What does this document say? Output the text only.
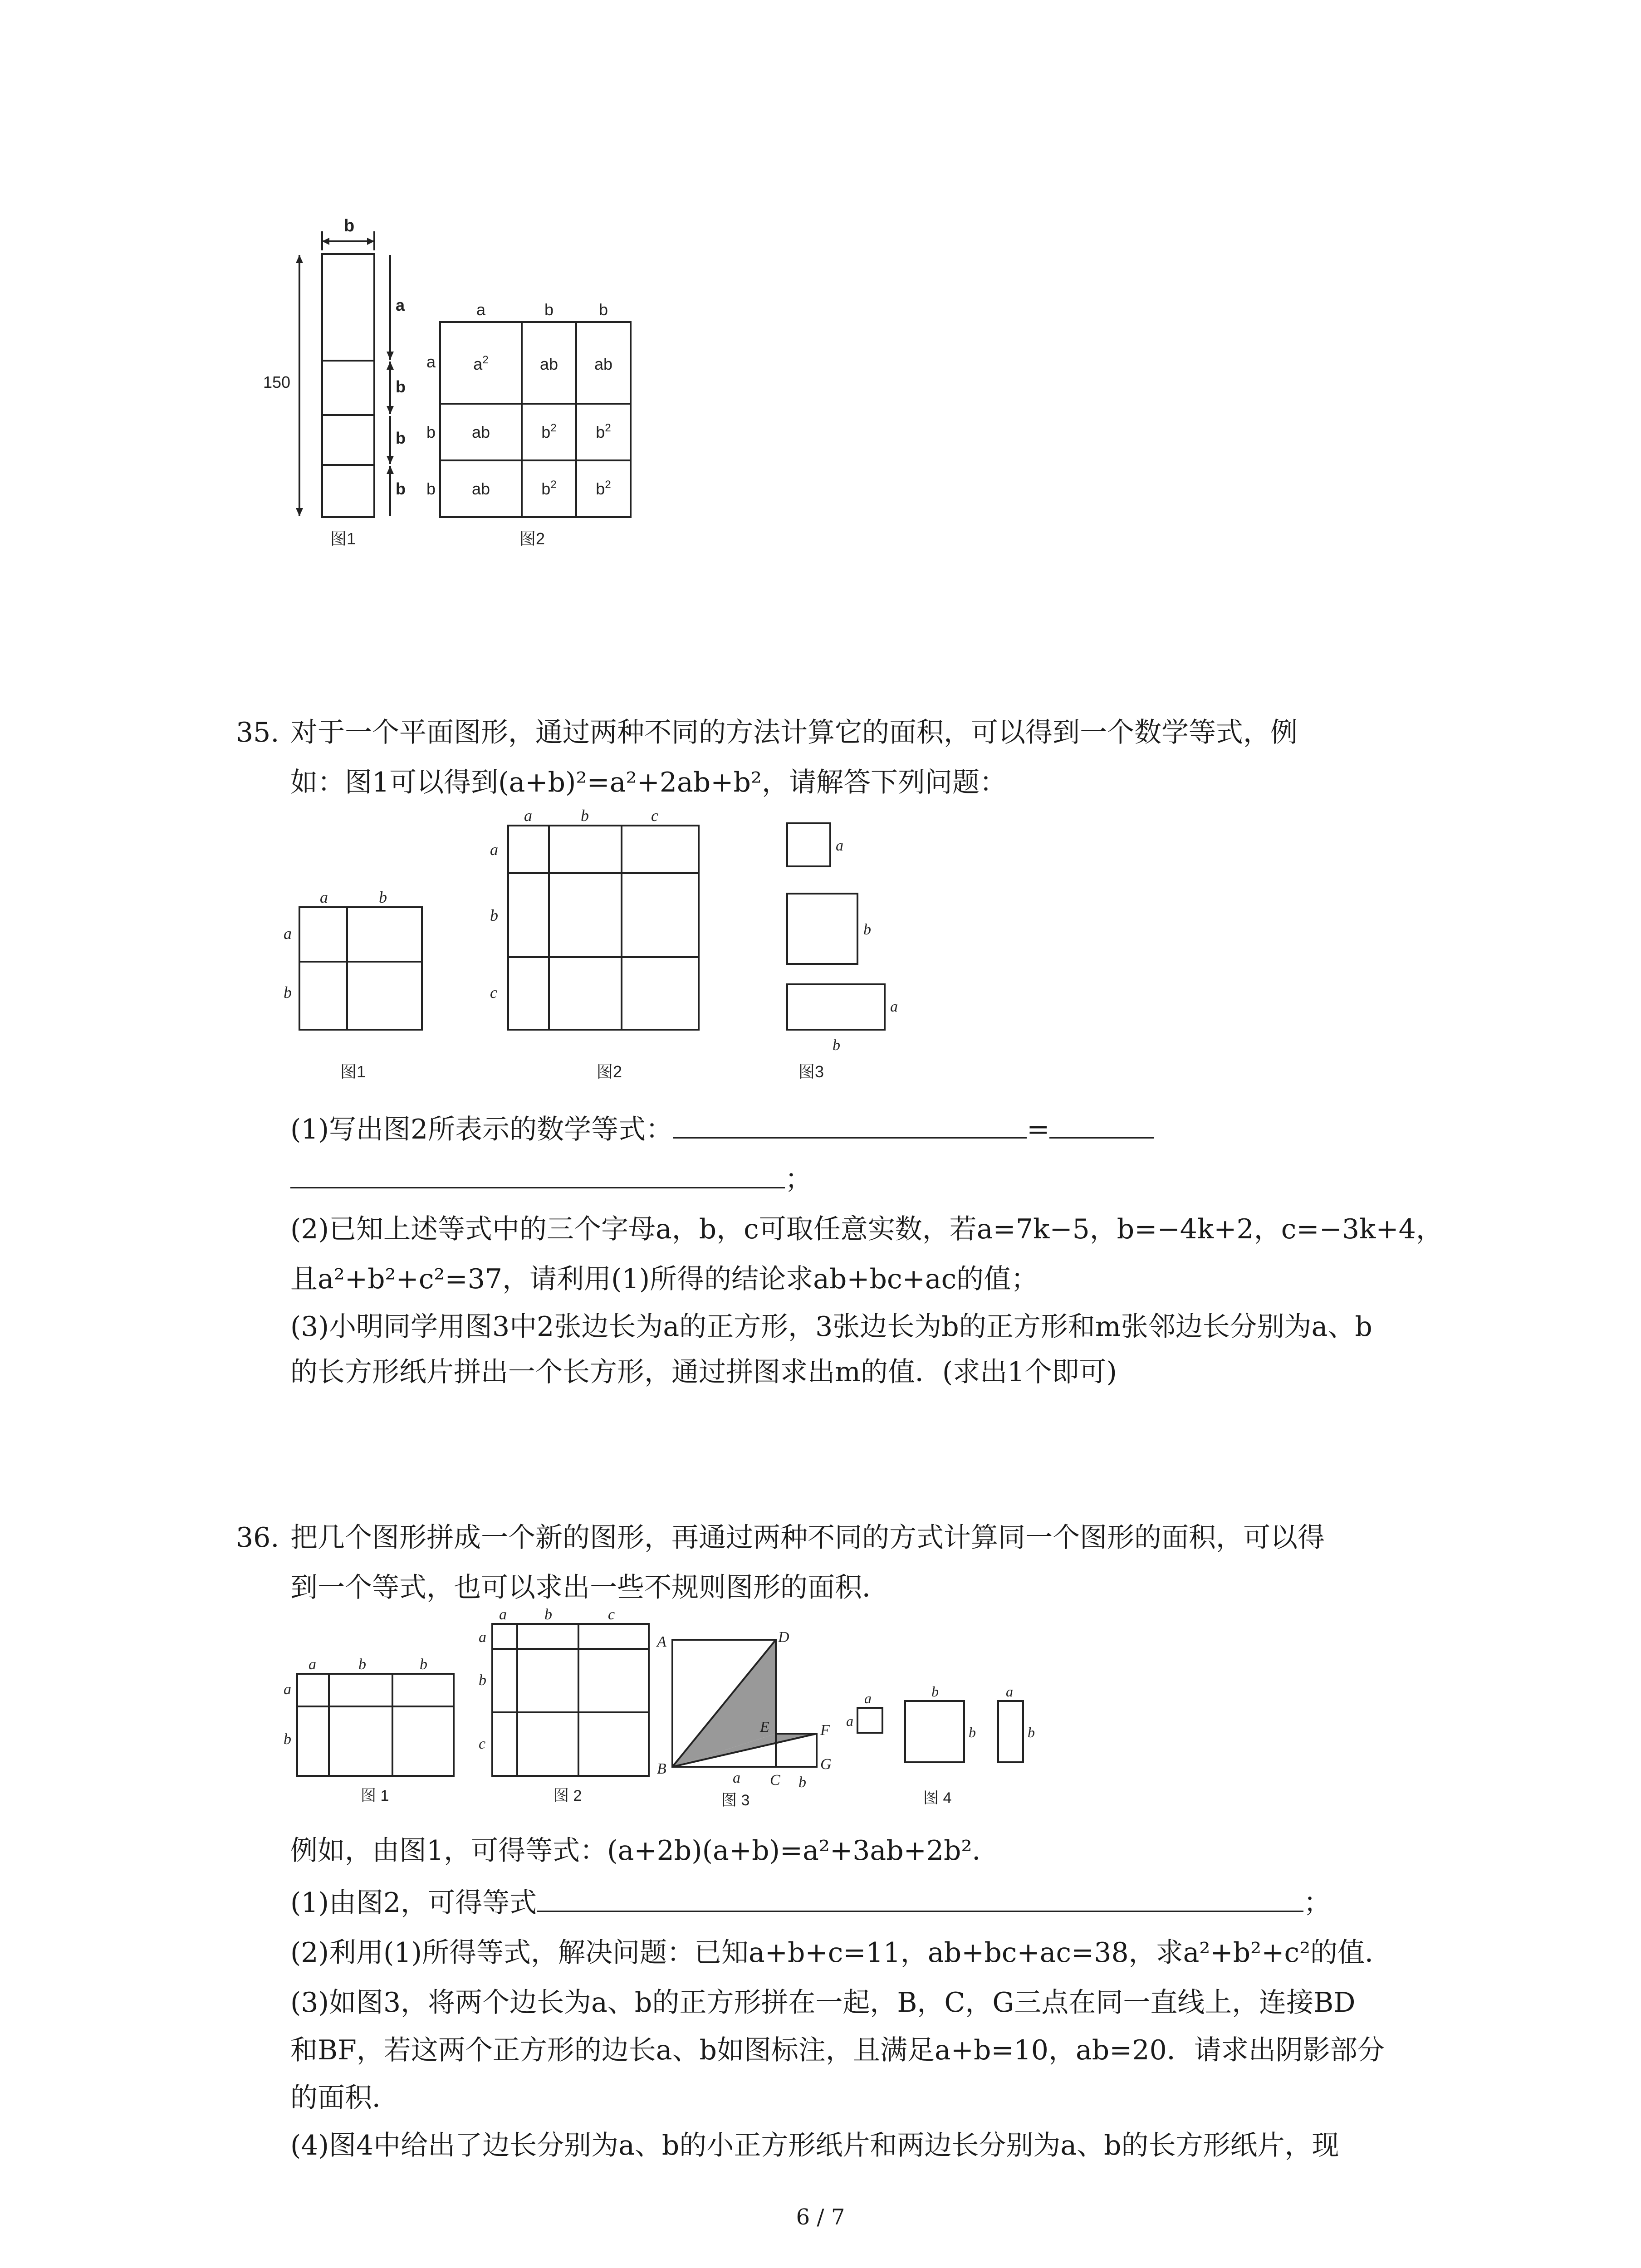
b
150
a
b
b
b
图1
a	b	b
a
b
b
$a^2$	ab ab
ab	$b^2$ $b^2$
ab	$b^2$ $b^2$
图2
35. 对于一个平面图形，通过两种不同的方法计算它的面积，可以得到一个数学等式，例
如：图1可以得到(a+b)²=a²+2ab+b²，请解答下列问题：
a	b
a
b
图1
a	b	c
a
b
c
图2
a
b
a
b
图3
(1)写出图2所表示的数学等式：	=
；
(2)已知上述等式中的三个字母a，b，c可取任意实数，若a=7k−5，b=−4k+2，c=−3k+4，
且a²+b²+c²=37，请利用(1)所得的结论求ab+bc+ac的值；
(3)小明同学用图3中2张边长为a的正方形，3张边长为b的正方形和m张邻边长分别为a、b
的长方形纸片拼出一个长方形，通过拼图求出m的值．(求出1个即可)
36. 把几个图形拼成一个新的图形，再通过两种不同的方式计算同一个图形的面积，可以得
到一个等式，也可以求出一些不规则图形的面积．
a	b	b
a
b
图 1
a b	c
a
b
c
图 2
A	D
E	F
B
C
G
a	b
图 3
a
a
b
b
a
b
图 4
例如，由图1，可得等式：(a+2b)(a+b)=a²+3ab+2b²．
(1)由图2，可得等式	；
(2)利用(1)所得等式，解决问题：已知a+b+c=11，ab+bc+ac=38，求a²+b²+c²的值．
(3)如图3，将两个边长为a、b的正方形拼在一起，B，C，G三点在同一直线上，连接BD
和BF，若这两个正方形的边长a、b如图标注，且满足a+b=10，ab=20．请求出阴影部分
的面积．
(4)图4中给出了边长分别为a、b的小正方形纸片和两边长分别为a、b的长方形纸片，现
6 / 7
